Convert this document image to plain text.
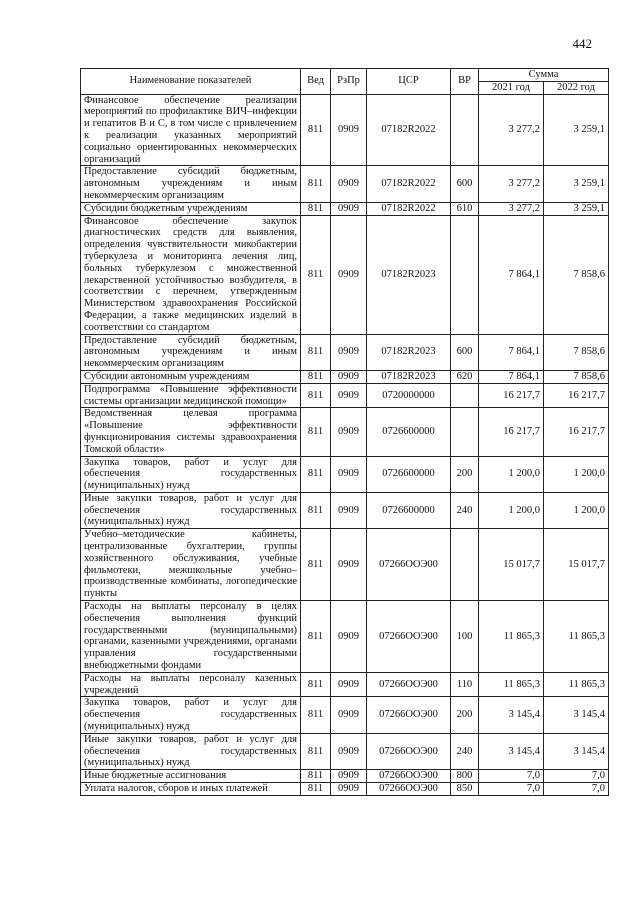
442
Наименование показателей	Вед	РзПр	ЦСР	ВР	Сумма	
					2021 год	2022 год
Финансовое обеспечение реализации мероприятий по профилактике ВИЧ–инфекции и гепатитов B и C, в том числе с привлечением к реализации указанных мероприятий социально ориентированных некоммерческих организаций	811	0909	07182R2022		3 277,2	3 259,1
Предоставление субсидий бюджетным, автономным учреждениям и иным некоммерческим организациям	811	0909	07182R2022	600	3 277,2	3 259,1
Субсидии бюджетным учреждениям	811	0909	07182R2022	610	3 277,2	3 259,1
Финансовое обеспечение закупок диагностических средств для выявления, определения чувствительности микобактерии туберкулеза и мониторинга лечения лиц, больных туберкулезом с множественной лекарственной устойчивостью возбудителя, в соответствии с перечнем, утвержденным Министерством здравоохранения Российской Федерации, а также медицинских изделий в соответствии со стандартом	811	0909	07182R2023		7 864,1	7 858,6
Предоставление субсидий бюджетным, автономным учреждениям и иным некоммерческим организациям	811	0909	07182R2023	600	7 864,1	7 858,6
Субсидии автономным учреждениям	811	0909	07182R2023	620	7 864,1	7 858,6
Подпрограмма «Повышение эффективности системы организации медицинской помощи»	811	0909	0720000000		16 217,7	16 217,7
Ведомственная целевая программа «Повышение эффективности функционирования системы здравоохранения Томской области»	811	0909	0726600000		16 217,7	16 217,7
Закупка товаров, работ и услуг для обеспечения государственных (муниципальных) нужд	811	0909	0726600000	200	1 200,0	1 200,0
Иные закупки товаров, работ и услуг для обеспечения государственных (муниципальных) нужд	811	0909	0726600000	240	1 200,0	1 200,0
Учебно–методические кабинеты, централизованные бухгалтерии, группы хозяйственного обслуживания, учебные фильмотеки, межшкольные учебно–производственные комбинаты, логопедические пункты	811	0909	07266ООЭ00		15 017,7	15 017,7
Расходы на выплаты персоналу в целях обеспечения выполнения функций государственными (муниципальными) органами, казенными учреждениями, органами управления государственными внебюджетными фондами	811	0909	07266ООЭ00	100	11 865,3	11 865,3
Расходы на выплаты персоналу казенных учреждений	811	0909	07266ООЭ00	110	11 865,3	11 865,3
Закупка товаров, работ и услуг для обеспечения государственных (муниципальных) нужд	811	0909	07266ООЭ00	200	3 145,4	3 145,4
Иные закупки товаров, работ и услуг для обеспечения государственных (муниципальных) нужд	811	0909	07266ООЭ00	240	3 145,4	3 145,4
Иные бюджетные ассигнования	811	0909	07266ООЭ00	800	7,0	7,0
Уплата налогов, сборов и иных платежей	811	0909	07266ООЭ00	850	7,0	7,0
